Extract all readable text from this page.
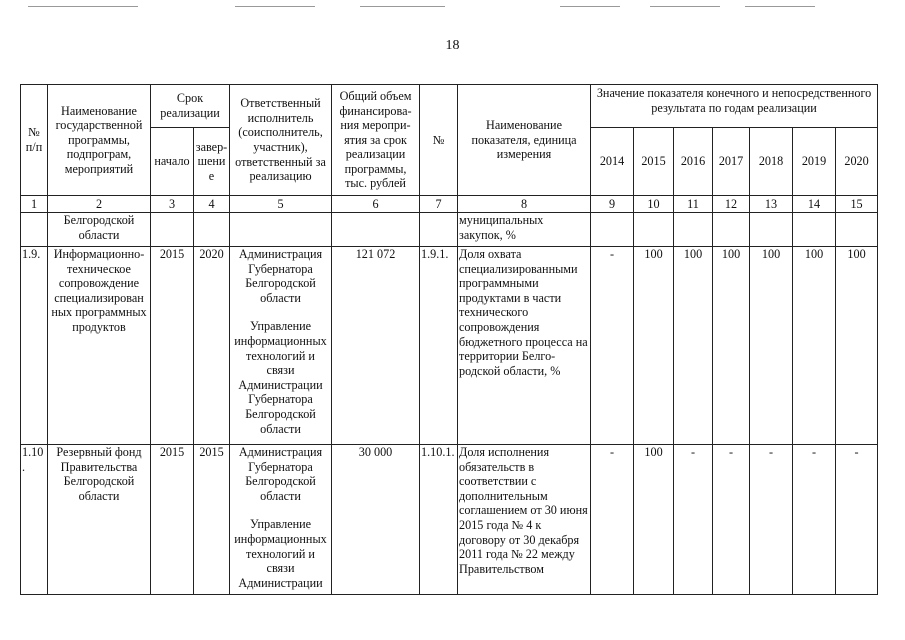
18
№ п/п	Наименование государственной программы, подпрограм, мероприятий	Срок реализации		Ответственный исполнитель (соисполнитель, участник), ответственный за реализацию	Общий объем финансирова-ния меропри-ятия за срок реализации программы, тыс. рублей	№	Наименование показателя, единица измерения	Значение показателя конечного и непосредственного результата по годам реализации						
		начало	завер-шение					2014	2015	2016	2017	2018	2019	2020
1	2	3	4	5	6	7	8	9	10	11	12	13	14	15
	Белгородской области						муниципальных закупок, %							
1.9.	Информационно-техническое сопровождение специализирован ных программных продуктов	2015	2020	Администрация Губернатора Белгородской области
Управление информационных технологий и связи Администрации Губернатора Белгородской области	121 072	1.9.1.	Доля охвата специализированными программными продуктами в части технического сопровождения бюджетного процесса на территории Белго-родской области, %	-	100	100	100	100	100	100
1.10.	Резервный фонд Правительства Белгородской области	2015	2015	Администрация Губернатора Белгородской области
Управление информационных технологий и связи Администрации	30 000	1.10.1.	Доля исполнения обязательств в соответствии с дополнительным соглашением от 30 июня 2015 года № 4 к договору от 30 декабря 2011 года № 22 между Правительством	-	100	-	-	-	-	-
